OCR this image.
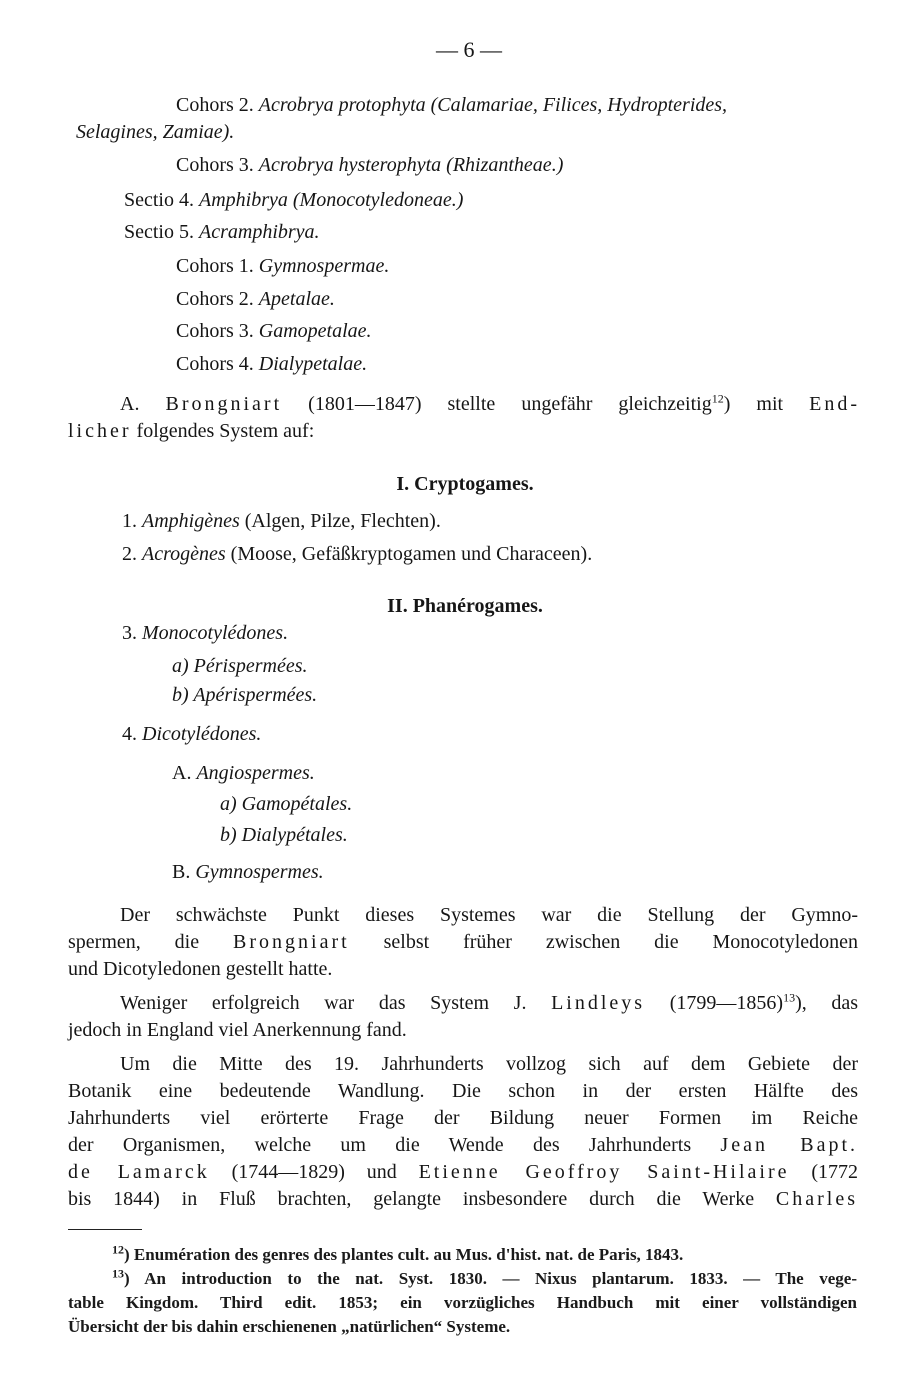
— 6 —
Cohors 2. Acrobrya protophyta (Calamariae, Filices, Hydropterides,
Selagines, Zamiae).
Cohors 3. Acrobrya hysterophyta (Rhizantheae.)
Sectio 4. Amphibrya (Monocotyledoneae.)
Sectio 5. Acramphibrya.
Cohors 1. Gymnospermae.
Cohors 2. Apetalae.
Cohors 3. Gamopetalae.
Cohors 4. Dialypetalae.
A. Brongniart (1801—1847) stellte ungefähr gleichzeitig$^{12}$) mit End-
licher folgendes System auf:
I. Cryptogames.
1. Amphigènes (Algen, Pilze, Flechten).
2. Acrogènes (Moose, Gefäßkryptogamen und Characeen).
II. Phanérogames.
3. Monocotylédones.
a) Périspermées.
b) Apérispermées.
4. Dicotylédones.
A. Angiospermes.
a) Gamopétales.
b) Dialypétales.
B. Gymnospermes.
Der schwächste Punkt dieses Systemes war die Stellung der Gymno-
spermen, die Brongniart selbst früher zwischen die Monocotyledonen
und Dicotyledonen gestellt hatte.
Weniger erfolgreich war das System J. Lindleys (1799—1856)$^{13}$), das
jedoch in England viel Anerkennung fand.
Um die Mitte des 19. Jahrhunderts vollzog sich auf dem Gebiete der
Botanik eine bedeutende Wandlung. Die schon in der ersten Hälfte des
Jahrhunderts viel erörterte Frage der Bildung neuer Formen im Reiche
der Organismen, welche um die Wende des Jahrhunderts Jean Bapt.
de Lamarck (1744—1829) und Etienne Geoffroy Saint-Hilaire (1772
bis 1844) in Fluß brachten, gelangte insbesondere durch die Werke Charles
$^{12}$) Enumération des genres des plantes cult. au Mus. d'hist. nat. de Paris, 1843.
$^{13}$) An introduction to the nat. Syst. 1830. — Nixus plantarum. 1833. — The vege-
table Kingdom. Third edit. 1853; ein vorzügliches Handbuch mit einer vollständigen
Übersicht der bis dahin erschienenen „natürlichen“ Systeme.
